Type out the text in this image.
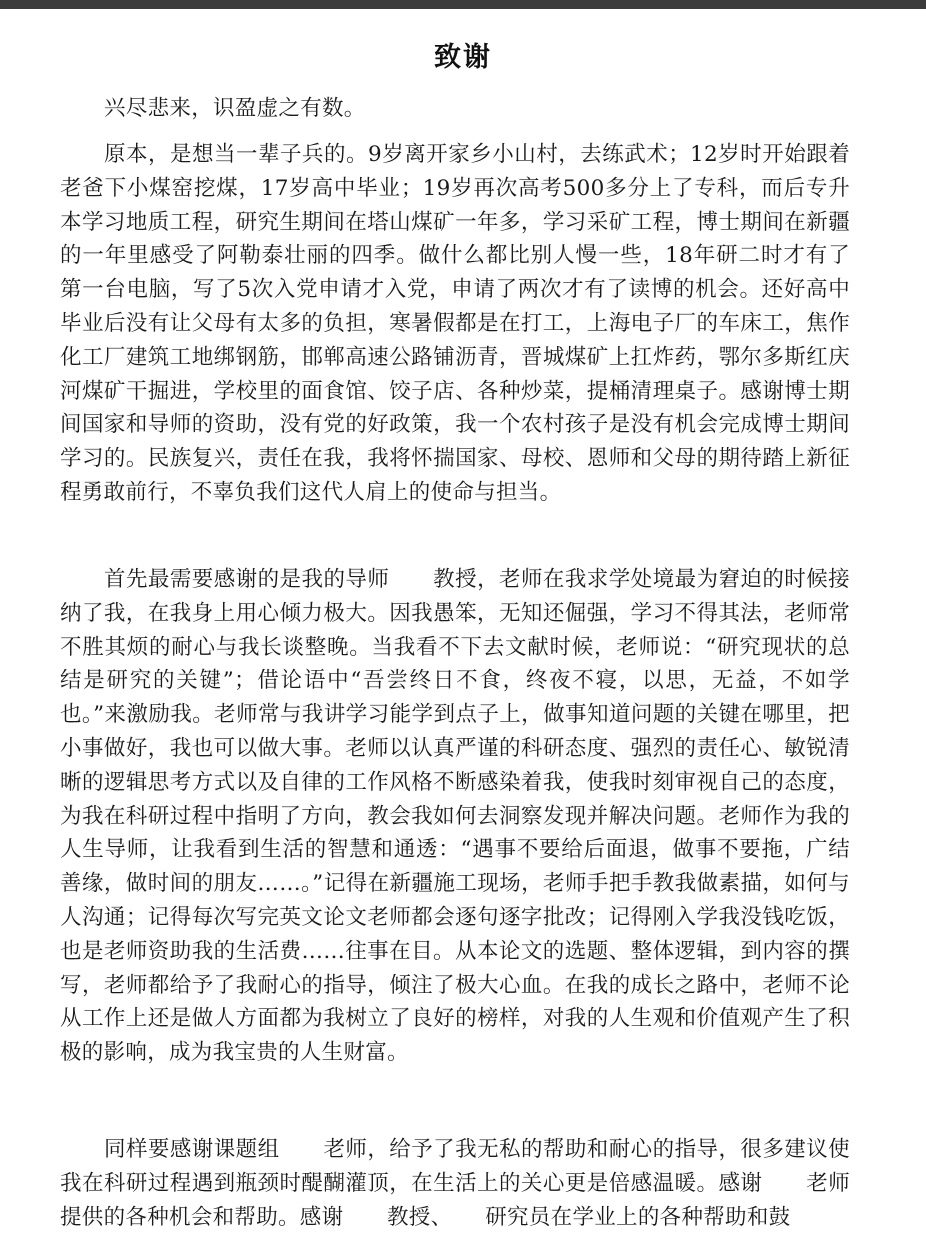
致谢

兴尽悲来，识盈虚之有数。

原本，是想当一辈子兵的。9岁离开家乡小山村，去练武术；12岁时开始跟着老爸下小煤窑挖煤，17岁高中毕业；19岁再次高考500多分上了专科，而后专升本学习地质工程，研究生期间在塔山煤矿一年多，学习采矿工程，博士期间在新疆的一年里感受了阿勒泰壮丽的四季。做什么都比别人慢一些，18年研二时才有了第一台电脑，写了5次入党申请才入党，申请了两次才有了读博的机会。还好高中毕业后没有让父母有太多的负担，寒暑假都是在打工，上海电子厂的车床工，焦作化工厂建筑工地绑钢筋，邯郸高速公路铺沥青，晋城煤矿上扛炸药，鄂尔多斯红庆河煤矿干掘进，学校里的面食馆、饺子店、各种炒菜，提桶清理桌子。感谢博士期间国家和导师的资助，没有党的好政策，我一个农村孩子是没有机会完成博士期间学习的。民族复兴，责任在我，我将怀揣国家、母校、恩师和父母的期待踏上新征程勇敢前行，不辜负我们这代人肩上的使命与担当。

首先最需要感谢的是我的导师　　教授，老师在我求学处境最为窘迫的时候接纳了我，在我身上用心倾力极大。因我愚笨，无知还倔强，学习不得其法，老师常不胜其烦的耐心与我长谈整晚。当我看不下去文献时候，老师说：“研究现状的总结是研究的关键”；借论语中“吾尝终日不食，终夜不寝，以思，无益，不如学也。”来激励我。老师常与我讲学习能学到点子上，做事知道问题的关键在哪里，把小事做好，我也可以做大事。老师以认真严谨的科研态度、强烈的责任心、敏锐清晰的逻辑思考方式以及自律的工作风格不断感染着我，使我时刻审视自己的态度，为我在科研过程中指明了方向，教会我如何去洞察发现并解决问题。老师作为我的人生导师，让我看到生活的智慧和通透：“遇事不要给后面退，做事不要拖，广结善缘，做时间的朋友……。”记得在新疆施工现场，老师手把手教我做素描，如何与人沟通；记得每次写完英文论文老师都会逐句逐字批改；记得刚入学我没钱吃饭，也是老师资助我的生活费……往事在目。从本论文的选题、整体逻辑，到内容的撰写，老师都给予了我耐心的指导，倾注了极大心血。在我的成长之路中，老师不论从工作上还是做人方面都为我树立了良好的榜样，对我的人生观和价值观产生了积极的影响，成为我宝贵的人生财富。

同样要感谢课题组　　老师，给予了我无私的帮助和耐心的指导，很多建议使我在科研过程遇到瓶颈时醍醐灌顶，在生活上的关心更是倍感温暖。感谢　　老师提供的各种机会和帮助。感谢　　教授、　　研究员在学业上的各种帮助和鼓
